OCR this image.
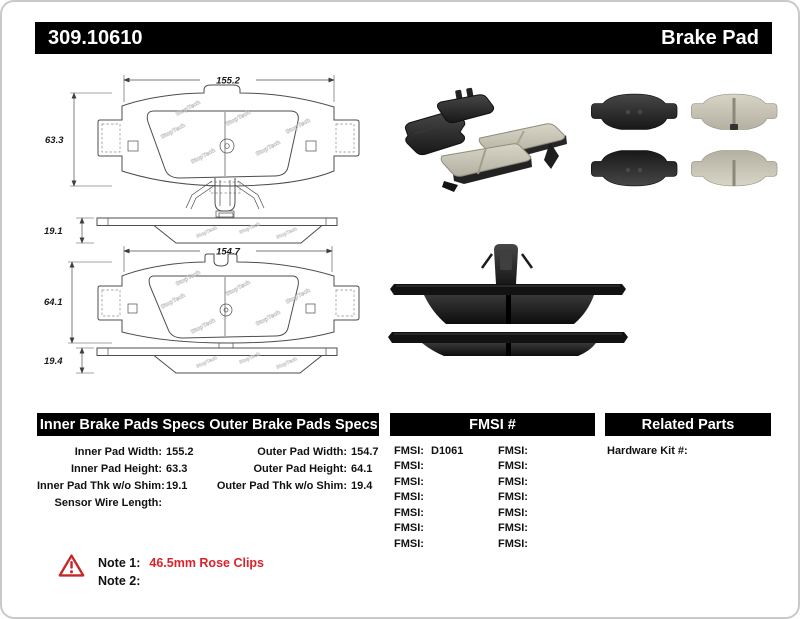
309.10610	Brake Pad
155.2
63.3	StopTech
StopTech
StopTech
StopTech
StopTech
StopTech
19.1	StopTech	StopTech	StopTech
154.7
64.1	StopTech
StopTech
StopTech
StopTech
StopTech
StopTech
19.4	StopTech	StopTech	StopTech
Inner Brake Pads Specs Outer Brake Pads Specs	FMSI #	Related Parts
Inner Pad Width: 155.2
Inner Pad Height: 63.3
Inner Pad Thk w/o Shim: 19.1
Sensor Wire Length:
Outer Pad Width: 154.7
Outer Pad Height: 64.1
Outer Pad Thk w/o Shim: 19.4
FMSI: D1061
FMSI:
FMSI:
FMSI:
FMSI:
FMSI:
FMSI:
FMSI:
FMSI:
FMSI:
FMSI:
FMSI:
FMSI:
FMSI:
Hardware Kit #:
Note 1: 46.5mm Rose Clips
Note 2:
